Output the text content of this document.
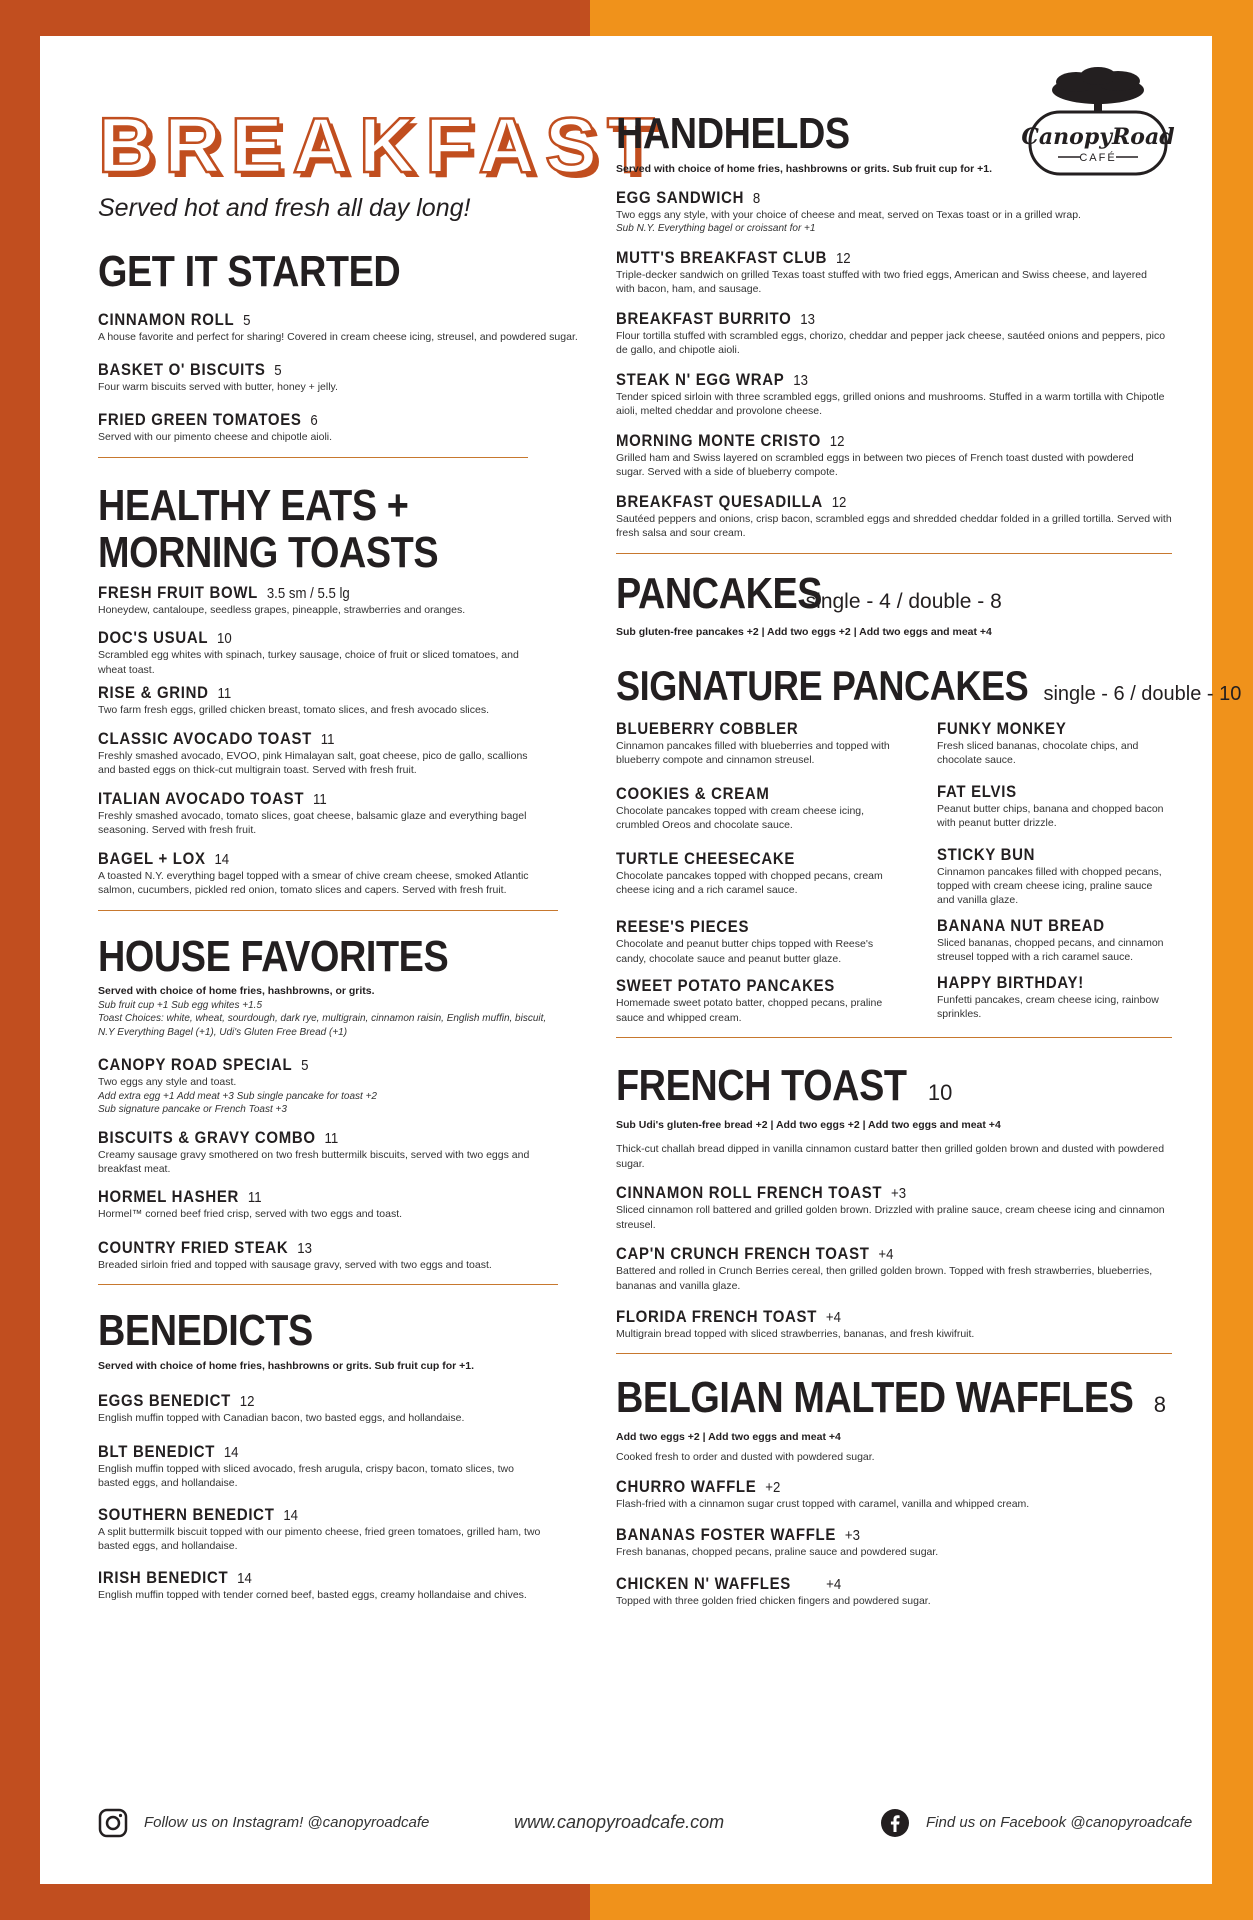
BREAKFAST
Served hot and fresh all day long!
CanopyRoad
CAFÉ
GET IT STARTED
CINNAMON ROLL 5
A house favorite and perfect for sharing! Covered in cream cheese icing, streusel, and powdered sugar.
BASKET O' BISCUITS 5
Four warm biscuits served with butter, honey + jelly.
FRIED GREEN TOMATOES 6
Served with our pimento cheese and chipotle aioli.
HEALTHY EATS +
MORNING TOASTS
FRESH FRUIT BOWL 3.5 sm / 5.5 lg
Honeydew, cantaloupe, seedless grapes, pineapple, strawberries and oranges.
DOC'S USUAL 10
Scrambled egg whites with spinach, turkey sausage, choice of fruit or sliced tomatoes, and wheat toast.
RISE & GRIND 11
Two farm fresh eggs, grilled chicken breast, tomato slices, and fresh avocado slices.
CLASSIC AVOCADO TOAST 11
Freshly smashed avocado, EVOO, pink Himalayan salt, goat cheese, pico de gallo, scallions and basted eggs on thick-cut multigrain toast. Served with fresh fruit.
ITALIAN AVOCADO TOAST 11
Freshly smashed avocado, tomato slices, goat cheese, balsamic glaze and everything bagel seasoning. Served with fresh fruit.
BAGEL + LOX 14
A toasted N.Y. everything bagel topped with a smear of chive cream cheese, smoked Atlantic salmon, cucumbers, pickled red onion, tomato slices and capers. Served with fresh fruit.
HOUSE FAVORITES
Served with choice of home fries, hashbrowns, or grits.
Sub fruit cup +1 Sub egg whites +1.5
Toast Choices: white, wheat, sourdough, dark rye, multigrain, cinnamon raisin, English muffin, biscuit, N.Y Everything Bagel (+1), Udi's Gluten Free Bread (+1)
CANOPY ROAD SPECIAL 5
Two eggs any style and toast.
Add extra egg +1 Add meat +3 Sub single pancake for toast +2
Sub signature pancake or French Toast +3
BISCUITS & GRAVY COMBO 11
Creamy sausage gravy smothered on two fresh buttermilk biscuits, served with two eggs and breakfast meat.
HORMEL HASHER 11
Hormel™ corned beef fried crisp, served with two eggs and toast.
COUNTRY FRIED STEAK 13
Breaded sirloin fried and topped with sausage gravy, served with two eggs and toast.
BENEDICTS
Served with choice of home fries, hashbrowns or grits. Sub fruit cup for +1.
EGGS BENEDICT 12
English muffin topped with Canadian bacon, two basted eggs, and hollandaise.
BLT BENEDICT 14
English muffin topped with sliced avocado, fresh arugula, crispy bacon, tomato slices, two basted eggs, and hollandaise.
SOUTHERN BENEDICT 14
A split buttermilk biscuit topped with our pimento cheese, fried green tomatoes, grilled ham, two basted eggs, and hollandaise.
IRISH BENEDICT 14
English muffin topped with tender corned beef, basted eggs, creamy hollandaise and chives.
HANDHELDS
Served with choice of home fries, hashbrowns or grits. Sub fruit cup for +1.
EGG SANDWICH 8
Two eggs any style, with your choice of cheese and meat, served on Texas toast or in a grilled wrap.
Sub N.Y. Everything bagel or croissant for +1
MUTT'S BREAKFAST CLUB 12
Triple-decker sandwich on grilled Texas toast stuffed with two fried eggs, American and Swiss cheese, and layered with bacon, ham, and sausage.
BREAKFAST BURRITO 13
Flour tortilla stuffed with scrambled eggs, chorizo, cheddar and pepper jack cheese, sautéed onions and peppers, pico de gallo, and chipotle aioli.
STEAK N' EGG WRAP 13
Tender spiced sirloin with three scrambled eggs, grilled onions and mushrooms. Stuffed in a warm tortilla with Chipotle aioli, melted cheddar and provolone cheese.
MORNING MONTE CRISTO 12
Grilled ham and Swiss layered on scrambled eggs in between two pieces of French toast dusted with powdered sugar. Served with a side of blueberry compote.
BREAKFAST QUESADILLA 12
Sautéed peppers and onions, crisp bacon, scrambled eggs and shredded cheddar folded in a grilled tortilla. Served with fresh salsa and sour cream.
PANCAKESsingle - 4 / double - 8
Sub gluten-free pancakes +2 | Add two eggs +2 | Add two eggs and meat +4
SIGNATURE PANCAKES single - 6 / double - 10
BLUEBERRY COBBLER
Cinnamon pancakes filled with blueberries and topped with blueberry compote and cinnamon streusel.
COOKIES & CREAM
Chocolate pancakes topped with cream cheese icing, crumbled Oreos and chocolate sauce.
TURTLE CHEESECAKE
Chocolate pancakes topped with chopped pecans, cream cheese icing and a rich caramel sauce.
REESE'S PIECES
Chocolate and peanut butter chips topped with Reese's candy, chocolate sauce and peanut butter glaze.
SWEET POTATO PANCAKES
Homemade sweet potato batter, chopped pecans, praline sauce and whipped cream.
FUNKY MONKEY
Fresh sliced bananas, chocolate chips, and chocolate sauce.
FAT ELVIS
Peanut butter chips, banana and chopped bacon with peanut butter drizzle.
STICKY BUN
Cinnamon pancakes filled with chopped pecans, topped with cream cheese icing, praline sauce and vanilla glaze.
BANANA NUT BREAD
Sliced bananas, chopped pecans, and cinnamon streusel topped with a rich caramel sauce.
HAPPY BIRTHDAY!
Funfetti pancakes, cream cheese icing, rainbow sprinkles.
FRENCH TOAST 10
Sub Udi's gluten-free bread +2 | Add two eggs +2 | Add two eggs and meat +4
Thick-cut challah bread dipped in vanilla cinnamon custard batter then grilled golden brown and dusted with powdered sugar.
CINNAMON ROLL FRENCH TOAST +3
Sliced cinnamon roll battered and grilled golden brown. Drizzled with praline sauce, cream cheese icing and cinnamon streusel.
CAP'N CRUNCH FRENCH TOAST +4
Battered and rolled in Crunch Berries cereal, then grilled golden brown. Topped with fresh strawberries, blueberries, bananas and vanilla glaze.
FLORIDA FRENCH TOAST +4
Multigrain bread topped with sliced strawberries, bananas, and fresh kiwifruit.
BELGIAN MALTED WAFFLES 8
Add two eggs +2 | Add two eggs and meat +4
Cooked fresh to order and dusted with powdered sugar.
CHURRO WAFFLE +2
Flash-fried with a cinnamon sugar crust topped with caramel, vanilla and whipped cream.
BANANAS FOSTER WAFFLE +3
Fresh bananas, chopped pecans, praline sauce and powdered sugar.
CHICKEN N' WAFFLES +4
Topped with three golden fried chicken fingers and powdered sugar.
Follow us on Instagram! @canopyroadcafe	www.canopyroadcafe.com	Find us on Facebook @canopyroadcafe
